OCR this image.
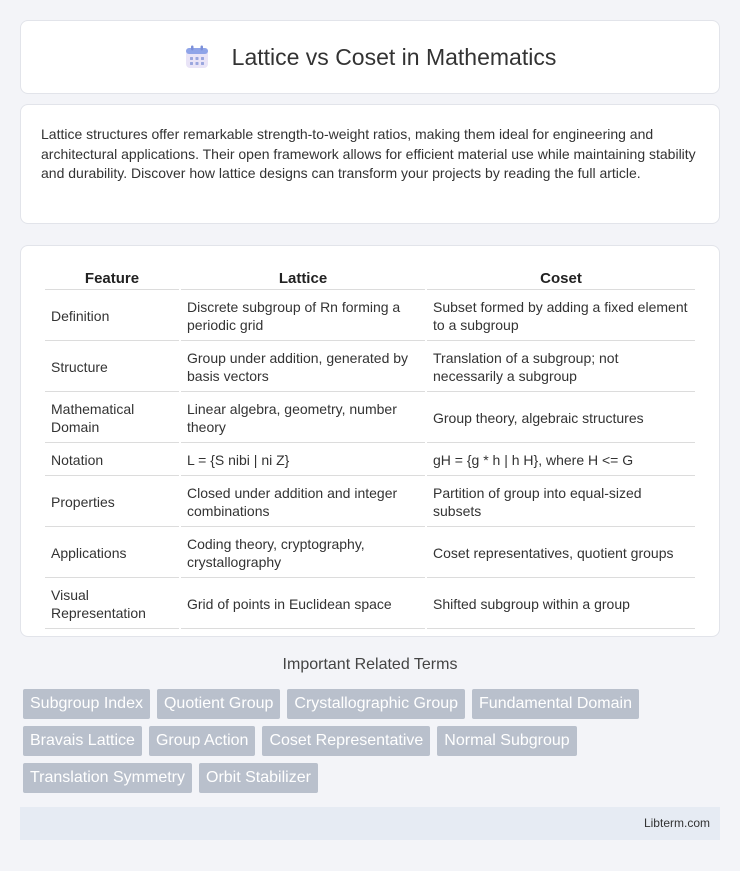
Lattice vs Coset in Mathematics

Lattice structures offer remarkable strength-to-weight ratios, making them ideal for engineering and architectural applications. Their open framework allows for efficient material use while maintaining stability and durability. Discover how lattice designs can transform your projects by reading the full article.

Feature	Lattice	Coset
Definition	Discrete subgroup of Rn forming a periodic grid	Subset formed by adding a fixed element to a subgroup
Structure	Group under addition, generated by basis vectors	Translation of a subgroup; not necessarily a subgroup
Mathematical Domain	Linear algebra, geometry, number theory	Group theory, algebraic structures
Notation	L = {S nibi | ni Z}	gH = {g * h | h H}, where H <= G
Properties	Closed under addition and integer combinations	Partition of group into equal-sized subsets
Applications	Coding theory, cryptography, crystallography	Coset representatives, quotient groups
Visual Representation	Grid of points in Euclidean space	Shifted subgroup within a group
Important Related Terms
Subgroup Index	Quotient Group	Crystallographic Group	Fundamental Domain
Bravais Lattice	Group Action	Coset Representative	Normal Subgroup
Translation Symmetry	Orbit Stabilizer
Libterm.com
